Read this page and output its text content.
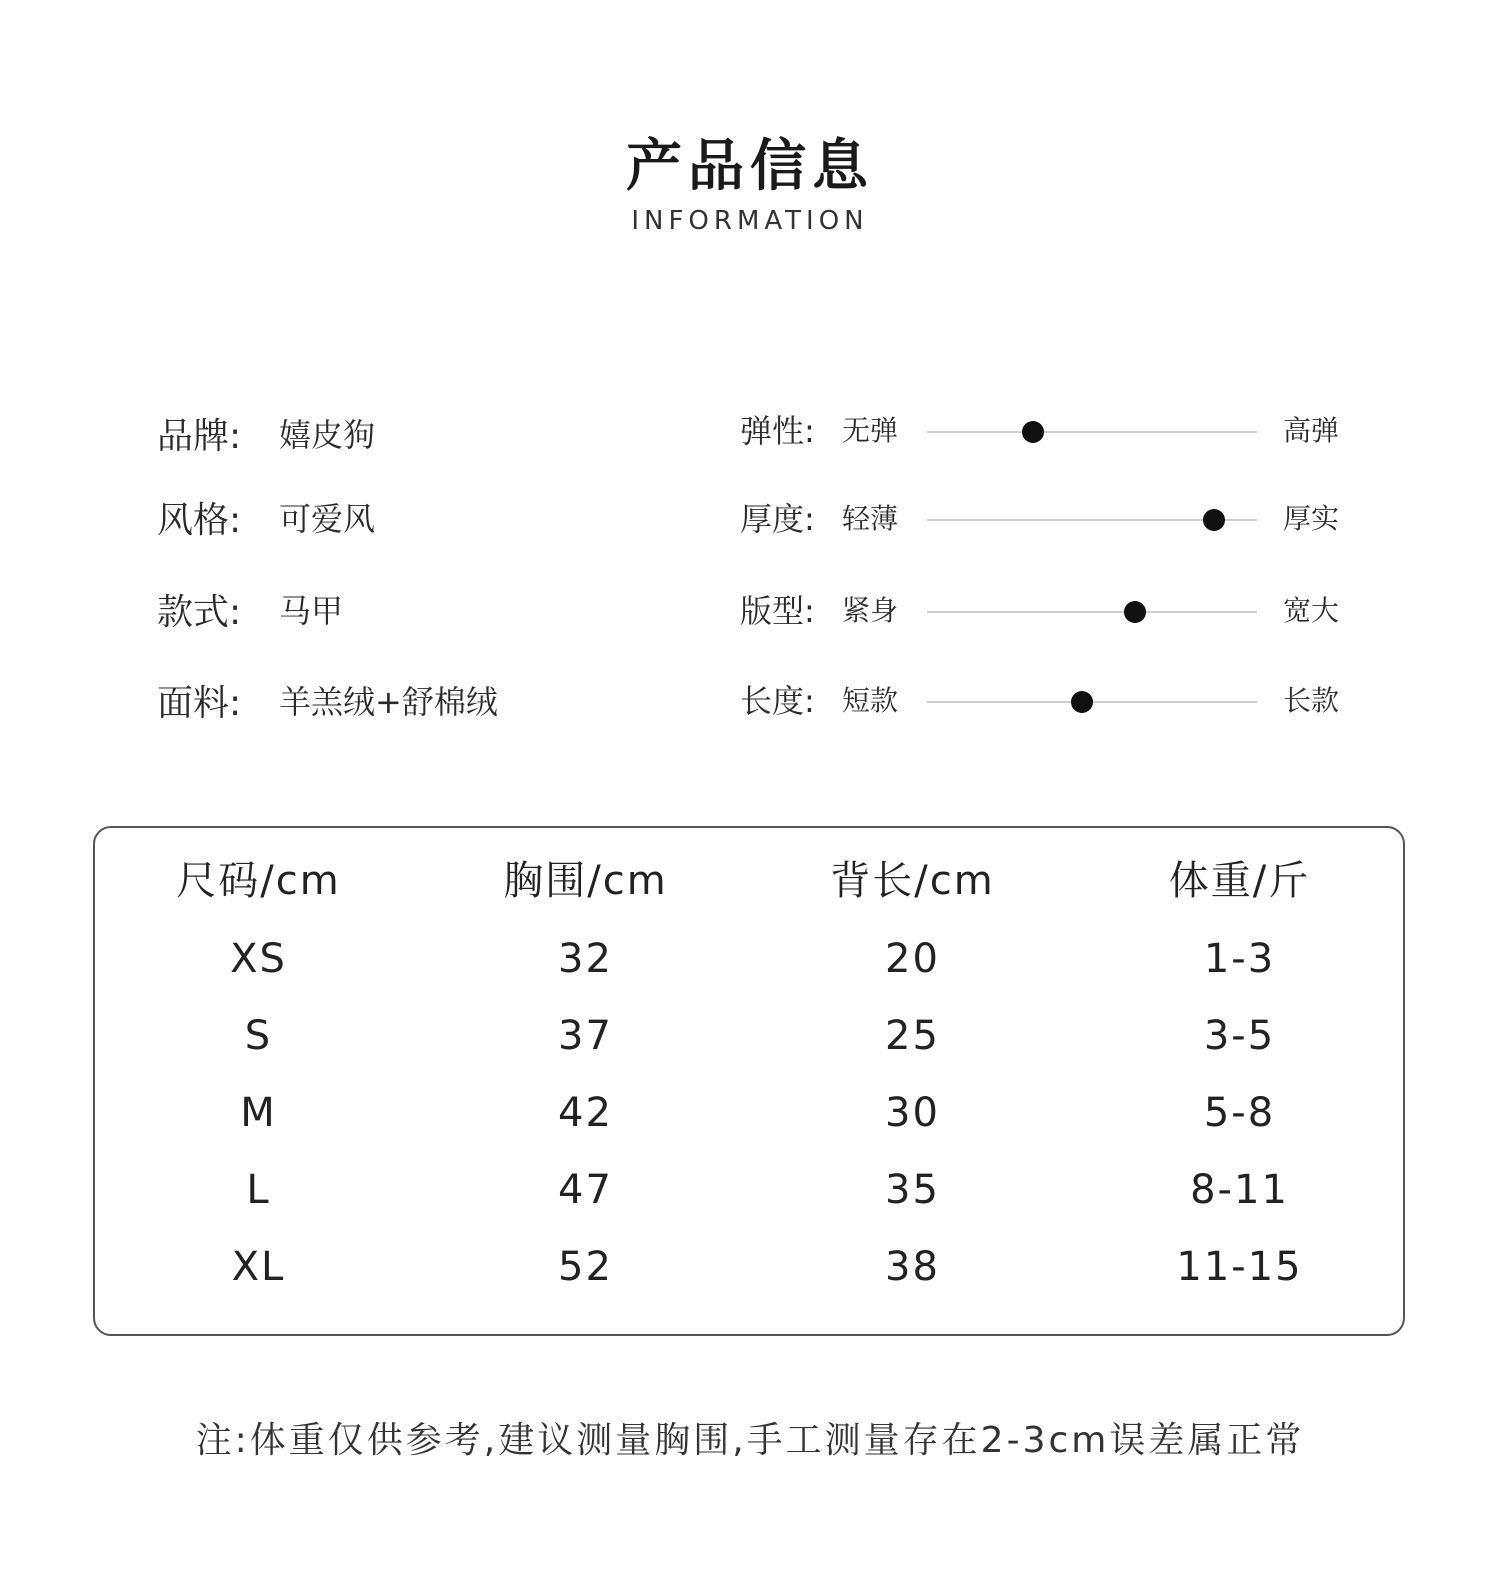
产品信息
INFORMATION
品牌:	嬉皮狗
风格:	可爱风
款式:	马甲
面料:	羊羔绒+舒棉绒
弹性: 无弹	高弹
厚度: 轻薄	厚实
版型: 紧身	宽大
长度: 短款	长款
尺码/cm	胸围/cm	背长/cm	体重/斤
XS	32	20	1-3
S	37	25	3-5
M	42	30	5-8
L	47	35	8-11
XL	52	38	11-15
注:体重仅供参考,建议测量胸围,手工测量存在2-3cm误差属正常
